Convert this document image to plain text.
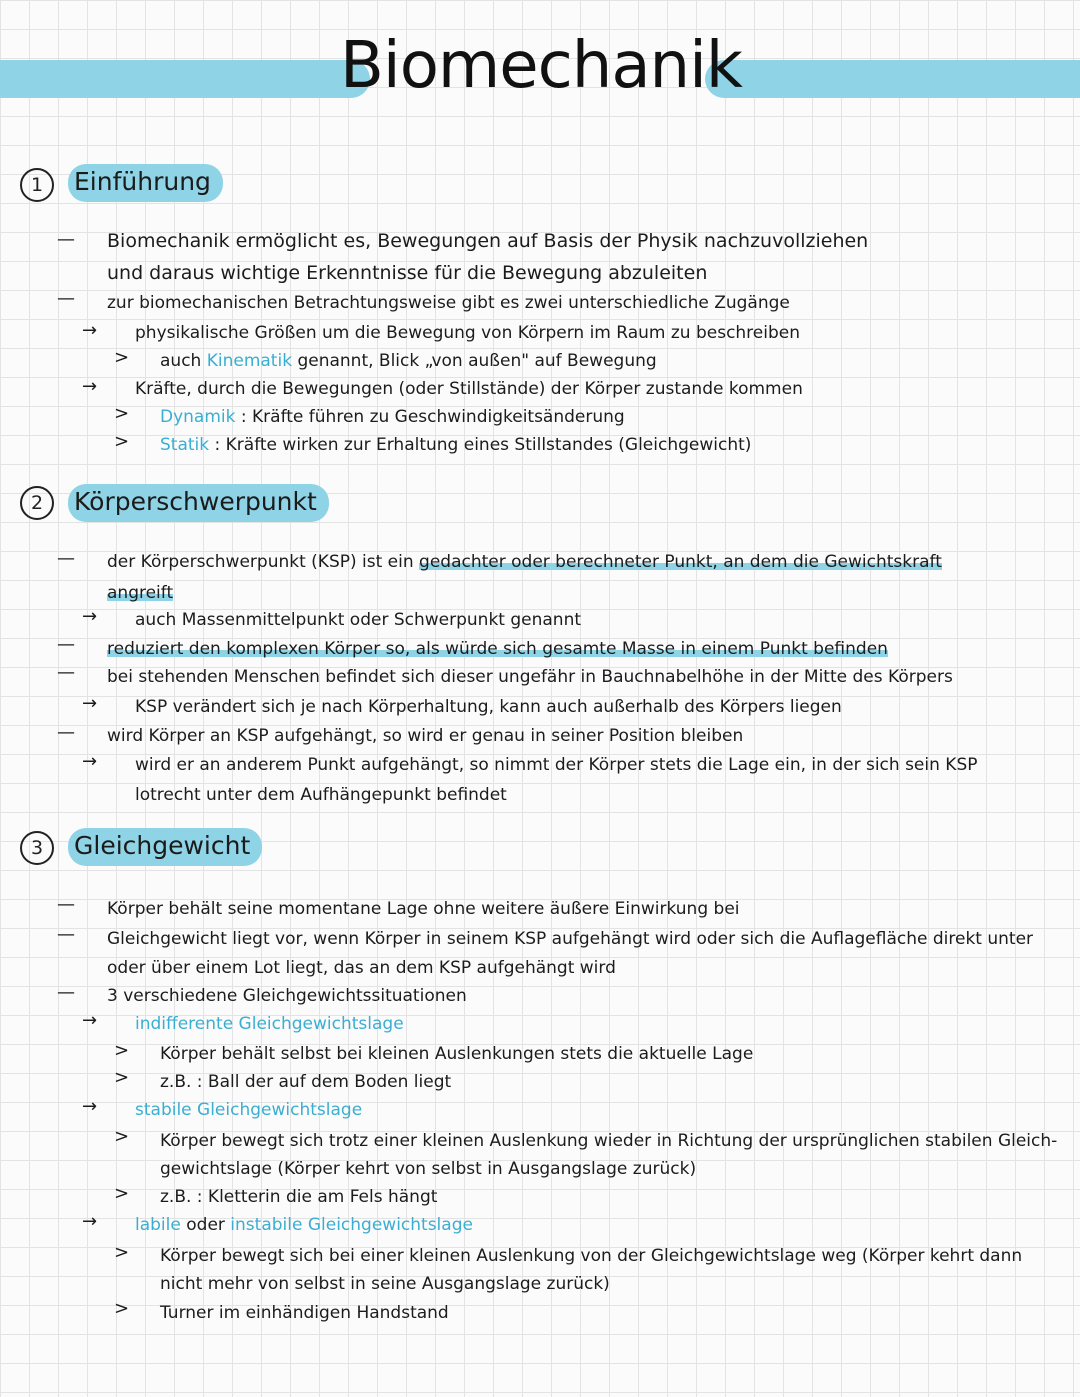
Biomechanik
1	Einführung
— Biomechanik ermöglicht es, Bewegungen auf Basis der Physik nachzuvollziehen
und daraus wichtige Erkenntnisse für die Bewegung abzuleiten
— zur biomechanischen Betrachtungsweise gibt es zwei unterschiedliche Zugänge
→ physikalische Größen um die Bewegung von Körpern im Raum zu beschreiben
> auch Kinematik genannt, Blick „von außen" auf Bewegung
→ Kräfte, durch die Bewegungen (oder Stillstände) der Körper zustande kommen
> Dynamik : Kräfte führen zu Geschwindigkeitsänderung
> Statik : Kräfte wirken zur Erhaltung eines Stillstandes (Gleichgewicht)
2	Körperschwerpunkt
— der Körperschwerpunkt (KSP) ist ein gedachter oder berechneter Punkt, an dem die Gewichtskraft
angreift
→ auch Massenmittelpunkt oder Schwerpunkt genannt
— reduziert den komplexen Körper so, als würde sich gesamte Masse in einem Punkt befinden
— bei stehenden Menschen befindet sich dieser ungefähr in Bauchnabelhöhe in der Mitte des Körpers
→ KSP verändert sich je nach Körperhaltung, kann auch außerhalb des Körpers liegen
— wird Körper an KSP aufgehängt, so wird er genau in seiner Position bleiben
→ wird er an anderem Punkt aufgehängt, so nimmt der Körper stets die Lage ein, in der sich sein KSP
lotrecht unter dem Aufhängepunkt befindet
3	Gleichgewicht
— Körper behält seine momentane Lage ohne weitere äußere Einwirkung bei
— Gleichgewicht liegt vor, wenn Körper in seinem KSP aufgehängt wird oder sich die Auflagefläche direkt unter
oder über einem Lot liegt, das an dem KSP aufgehängt wird
— 3 verschiedene Gleichgewichtssituationen
→ indifferente Gleichgewichtslage
> Körper behält selbst bei kleinen Auslenkungen stets die aktuelle Lage
> z.B. : Ball der auf dem Boden liegt
→ stabile Gleichgewichtslage
> Körper bewegt sich trotz einer kleinen Auslenkung wieder in Richtung der ursprünglichen stabilen Gleich-
gewichtslage (Körper kehrt von selbst in Ausgangslage zurück)
> z.B. : Kletterin die am Fels hängt
→ labile oder instabile Gleichgewichtslage
> Körper bewegt sich bei einer kleinen Auslenkung von der Gleichgewichtslage weg (Körper kehrt dann
nicht mehr von selbst in seine Ausgangslage zurück)
> Turner im einhändigen Handstand
